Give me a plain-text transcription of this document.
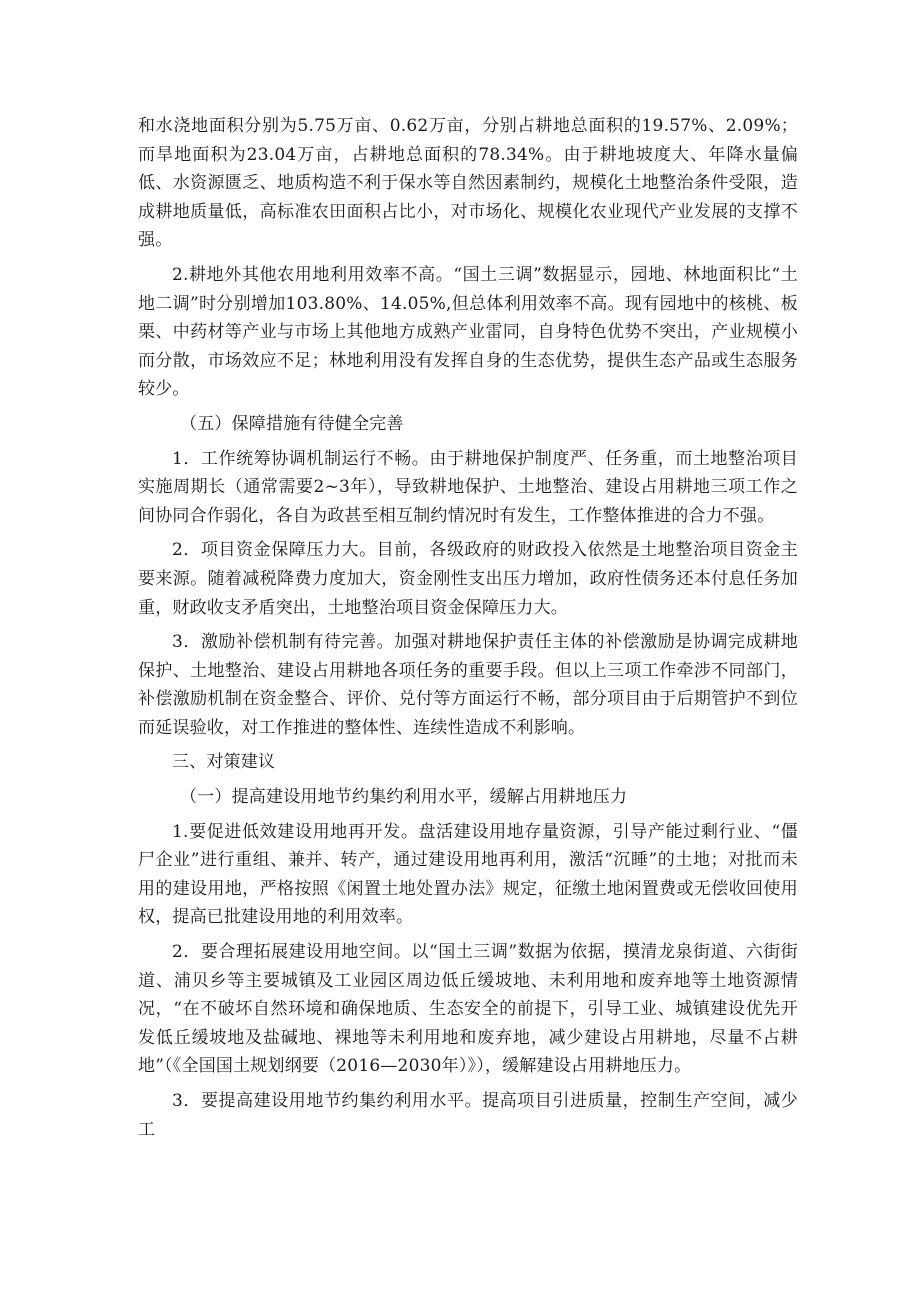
和水浇地面积分别为5.75万亩、0.62万亩，分别占耕地总面积的19.57%、2.09%；而旱地面积为23.04万亩，占耕地总面积的78.34%。由于耕地坡度大、年降水量偏低、水资源匮乏、地质构造不利于保水等自然因素制约，规模化土地整治条件受限，造成耕地质量低，高标准农田面积占比小，对市场化、规模化农业现代产业发展的支撑不强。

2.耕地外其他农用地利用效率不高。“国土三调”数据显示，园地、林地面积比“土地二调”时分别增加103.80%、14.05%,但总体利用效率不高。现有园地中的核桃、板栗、中药材等产业与市场上其他地方成熟产业雷同，自身特色优势不突出，产业规模小而分散，市场效应不足；林地利用没有发挥自身的生态优势，提供生态产品或生态服务较少。

（五）保障措施有待健全完善

1．工作统筹协调机制运行不畅。由于耕地保护制度严、任务重，而土地整治项目实施周期长（通常需要2~3年），导致耕地保护、土地整治、建设占用耕地三项工作之间协同合作弱化，各自为政甚至相互制约情况时有发生，工作整体推进的合力不强。

2．项目资金保障压力大。目前，各级政府的财政投入依然是土地整治项目资金主要来源。随着减税降费力度加大，资金刚性支出压力增加，政府性债务还本付息任务加重，财政收支矛盾突出，土地整治项目资金保障压力大。

3．激励补偿机制有待完善。加强对耕地保护责任主体的补偿激励是协调完成耕地保护、土地整治、建设占用耕地各项任务的重要手段。但以上三项工作牵涉不同部门，补偿激励机制在资金整合、评价、兑付等方面运行不畅，部分项目由于后期管护不到位而延误验收，对工作推进的整体性、连续性造成不利影响。

三、对策建议

（一）提高建设用地节约集约利用水平，缓解占用耕地压力

1.要促进低效建设用地再开发。盘活建设用地存量资源，引导产能过剩行业、“僵尸企业”进行重组、兼并、转产，通过建设用地再利用，激活“沉睡”的土地；对批而未用的建设用地，严格按照《闲置土地处置办法》规定，征缴土地闲置费或无偿收回使用权，提高已批建设用地的利用效率。

2．要合理拓展建设用地空间。以“国土三调”数据为依据，摸清龙泉街道、六街街道、浦贝乡等主要城镇及工业园区周边低丘缓坡地、未利用地和废弃地等土地资源情况，“在不破坏自然环境和确保地质、生态安全的前提下，引导工业、城镇建设优先开发低丘缓坡地及盐碱地、裸地等未利用地和废弃地，减少建设占用耕地，尽量不占耕地”（《全国国土规划纲要（2016—2030年）》），缓解建设占用耕地压力。

3．要提高建设用地节约集约利用水平。提高项目引进质量，控制生产空间，减少工
